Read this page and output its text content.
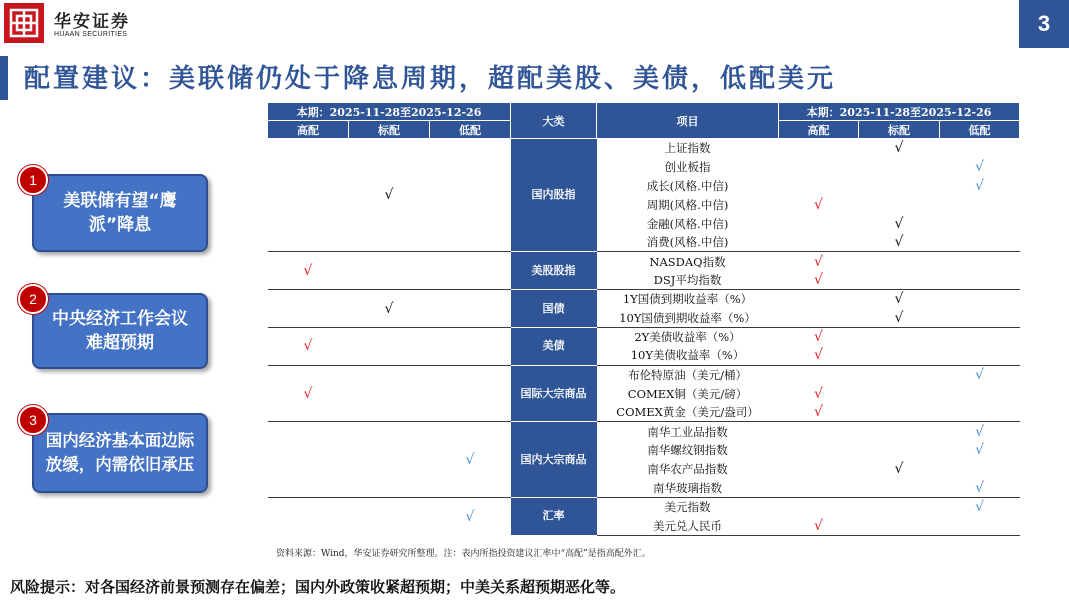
华安证券
HUAAN SECURITIES	3
配置建议：美联储仍处于降息周期，超配美股、美债，低配美元
1
美联储有望“鹰派”降息
2
中央经济工作会议难超预期
3
国内经济基本面边际放缓，内需依旧承压
本期：2025-11-28至2025-12-26			大类	项目	本期：2025-11-28至2025-12-26		
高配	标配	低配			高配	标配	低配
	√		国内股指	上证指数		√	
				创业板指			√
				成长(风格.中信)			√
				周期(风格.中信)	√		
				金融(风格.中信)		√	
				消费(风格.中信)		√	
√			美股股指	NASDAQ指数	√		
				DSJ平均指数	√		
	√		国债	1Y国债到期收益率（%）		√	
				10Y国债到期收益率（%）		√	
√			美债	2Y美债收益率（%）	√		
				10Y美债收益率（%）	√		
√			国际大宗商品	布伦特原油（美元/桶）			√
				COMEX铜（美元/磅）	√		
				COMEX黄金（美元/盎司）	√		
		√	国内大宗商品	南华工业品指数			√
				南华螺纹钢指数			√
				南华农产品指数		√	
				南华玻璃指数			√
		√	汇率	美元指数			√
				美元兑人民币	√		
资料来源：Wind，华安证券研究所整理。注：表内所指投资建议汇率中“高配”是指高配外汇。
风险提示：对各国经济前景预测存在偏差；国内外政策收紧超预期；中美关系超预期恶化等。
